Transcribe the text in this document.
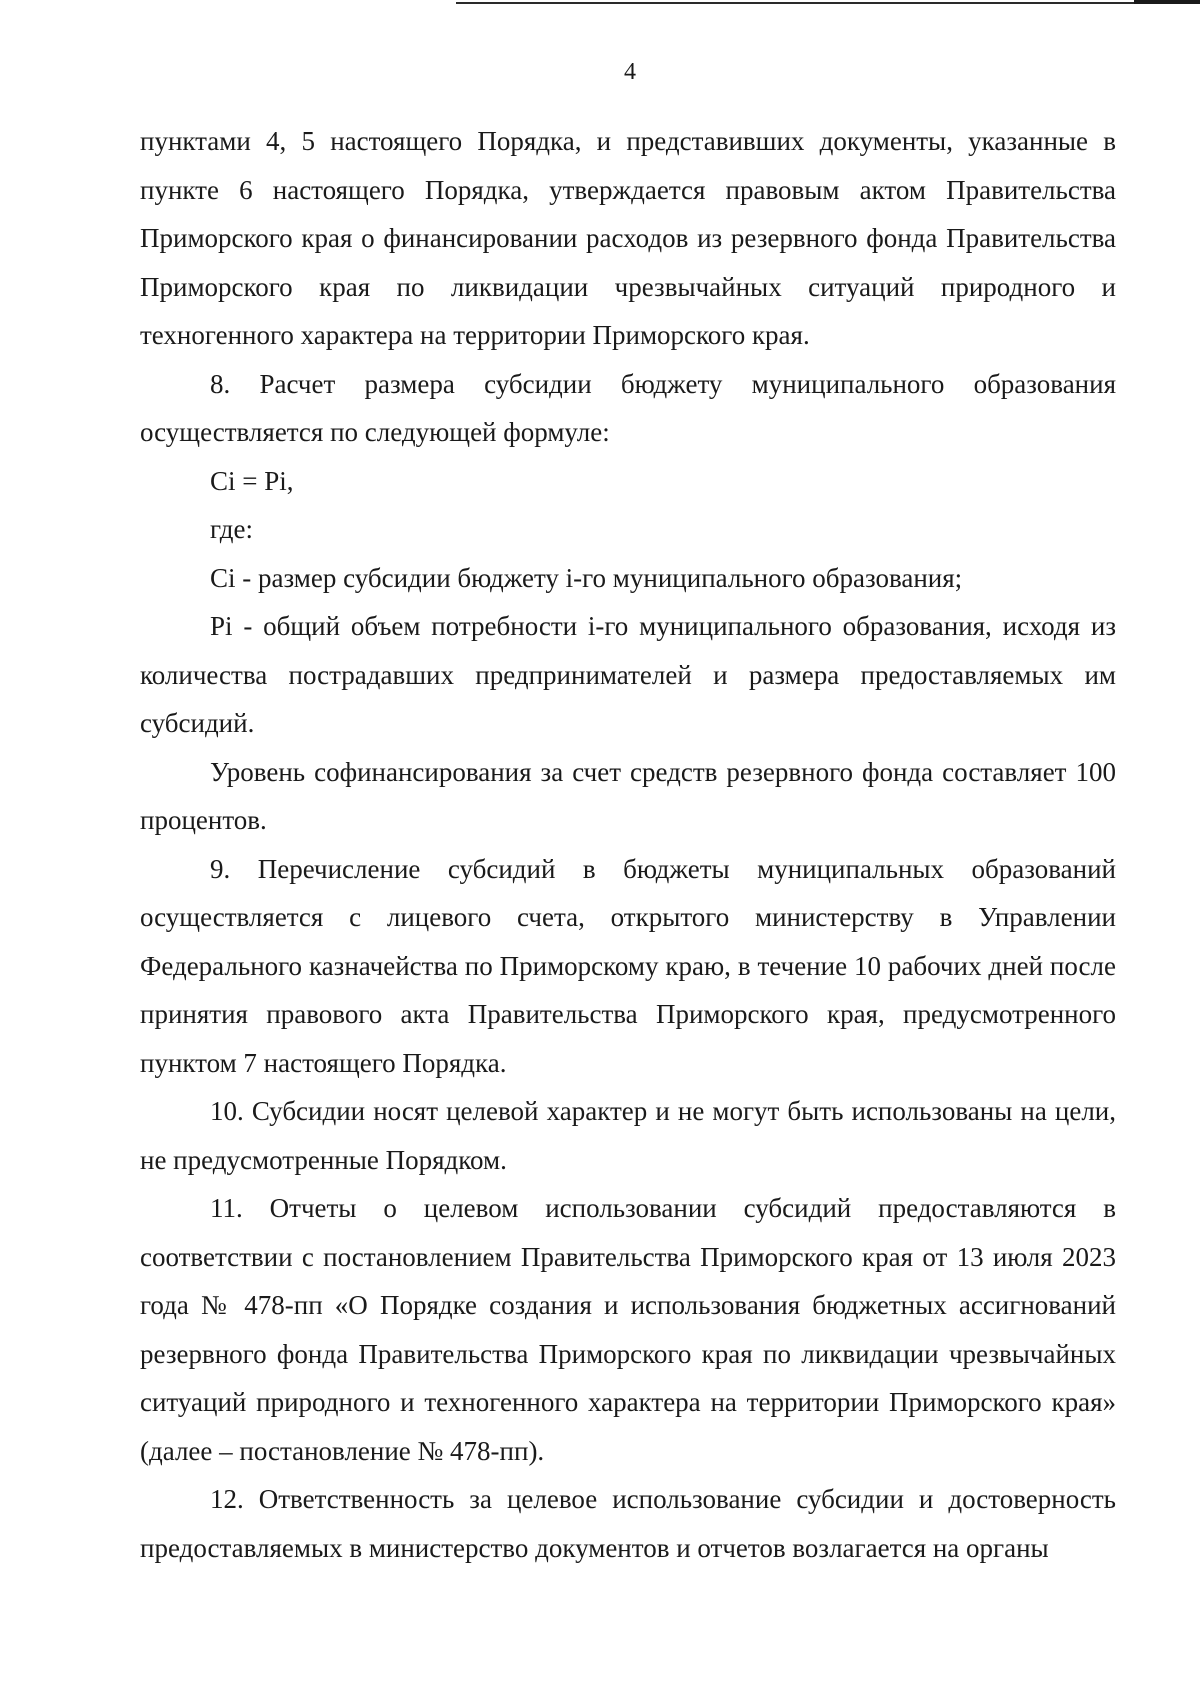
4

пунктами 4, 5 настоящего Порядка, и представивших документы, указанные в пункте 6 настоящего Порядка, утверждается правовым актом Правительства Приморского края о финансировании расходов из резервного фонда Правительства Приморского края по ликвидации чрезвычайных ситуаций природного и техногенного характера на территории Приморского края.

8. Расчет размера субсидии бюджету муниципального образования осуществляется по следующей формуле:

Ci = Pi,

где:

Ci - размер субсидии бюджету i-го муниципального образования;

Pi - общий объем потребности i-го муниципального образования, исходя из количества пострадавших предпринимателей и размера предоставляемых им субсидий.

Уровень софинансирования за счет средств резервного фонда составляет 100 процентов.

9. Перечисление субсидий в бюджеты муниципальных образований осуществляется с лицевого счета, открытого министерству в Управлении Федерального казначейства по Приморскому краю, в течение 10 рабочих дней после принятия правового акта Правительства Приморского края, предусмотренного пунктом 7 настоящего Порядка.

10. Субсидии носят целевой характер и не могут быть использованы на цели, не предусмотренные Порядком.

11. Отчеты о целевом использовании субсидий предоставляются в соответствии с постановлением Правительства Приморского края от 13 июля 2023 года № 478-пп «О Порядке создания и использования бюджетных ассигнований резервного фонда Правительства Приморского края по ликвидации чрезвычайных ситуаций природного и техногенного характера на территории Приморского края» (далее – постановление № 478-пп).

12. Ответственность за целевое использование субсидии и достоверность предоставляемых в министерство документов и отчетов возлагается на органы
